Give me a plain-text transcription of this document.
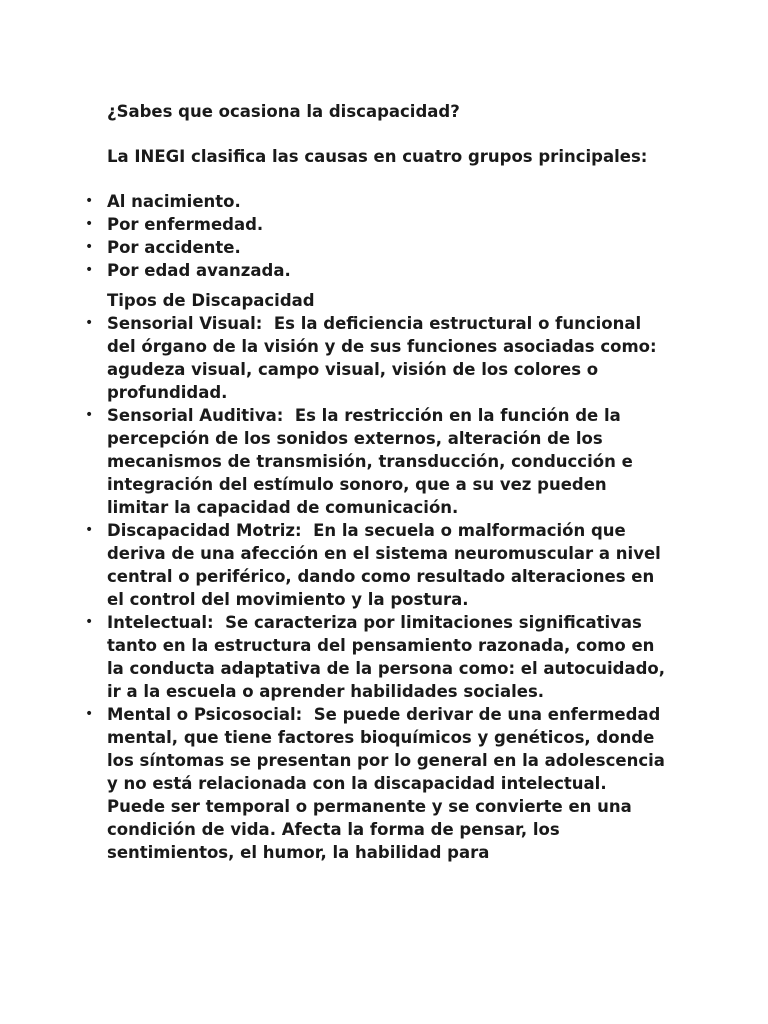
¿Sabes que ocasiona la discapacidad?

La INEGI clasifica las causas en cuatro grupos principales:

• Al nacimiento.
• Por enfermedad.
• Por accidente.
• Por edad avanzada.

Tipos de Discapacidad

• Sensorial Visual: Es la deficiencia estructural o funcional del órgano de la visión y de sus funciones asociadas como: agudeza visual, campo visual, visión de los colores o profundidad.
• Sensorial Auditiva: Es la restricción en la función de la percepción de los sonidos externos, alteración de los mecanismos de transmisión, transducción, conducción e integración del estímulo sonoro, que a su vez pueden limitar la capacidad de comunicación.
• Discapacidad Motriz: En la secuela o malformación que deriva de una afección en el sistema neuromuscular a nivel central o periférico, dando como resultado alteraciones en el control del movimiento y la postura.
• Intelectual: Se caracteriza por limitaciones significativas tanto en la estructura del pensamiento razonada, como en la conducta adaptativa de la persona como: el autocuidado, ir a la escuela o aprender habilidades sociales.
• Mental o Psicosocial: Se puede derivar de una enfermedad mental, que tiene factores bioquímicos y genéticos, donde los síntomas se presentan por lo general en la adolescencia y no está relacionada con la discapacidad intelectual. Puede ser temporal o permanente y se convierte en una condición de vida. Afecta la forma de pensar, los sentimientos, el humor, la habilidad para
